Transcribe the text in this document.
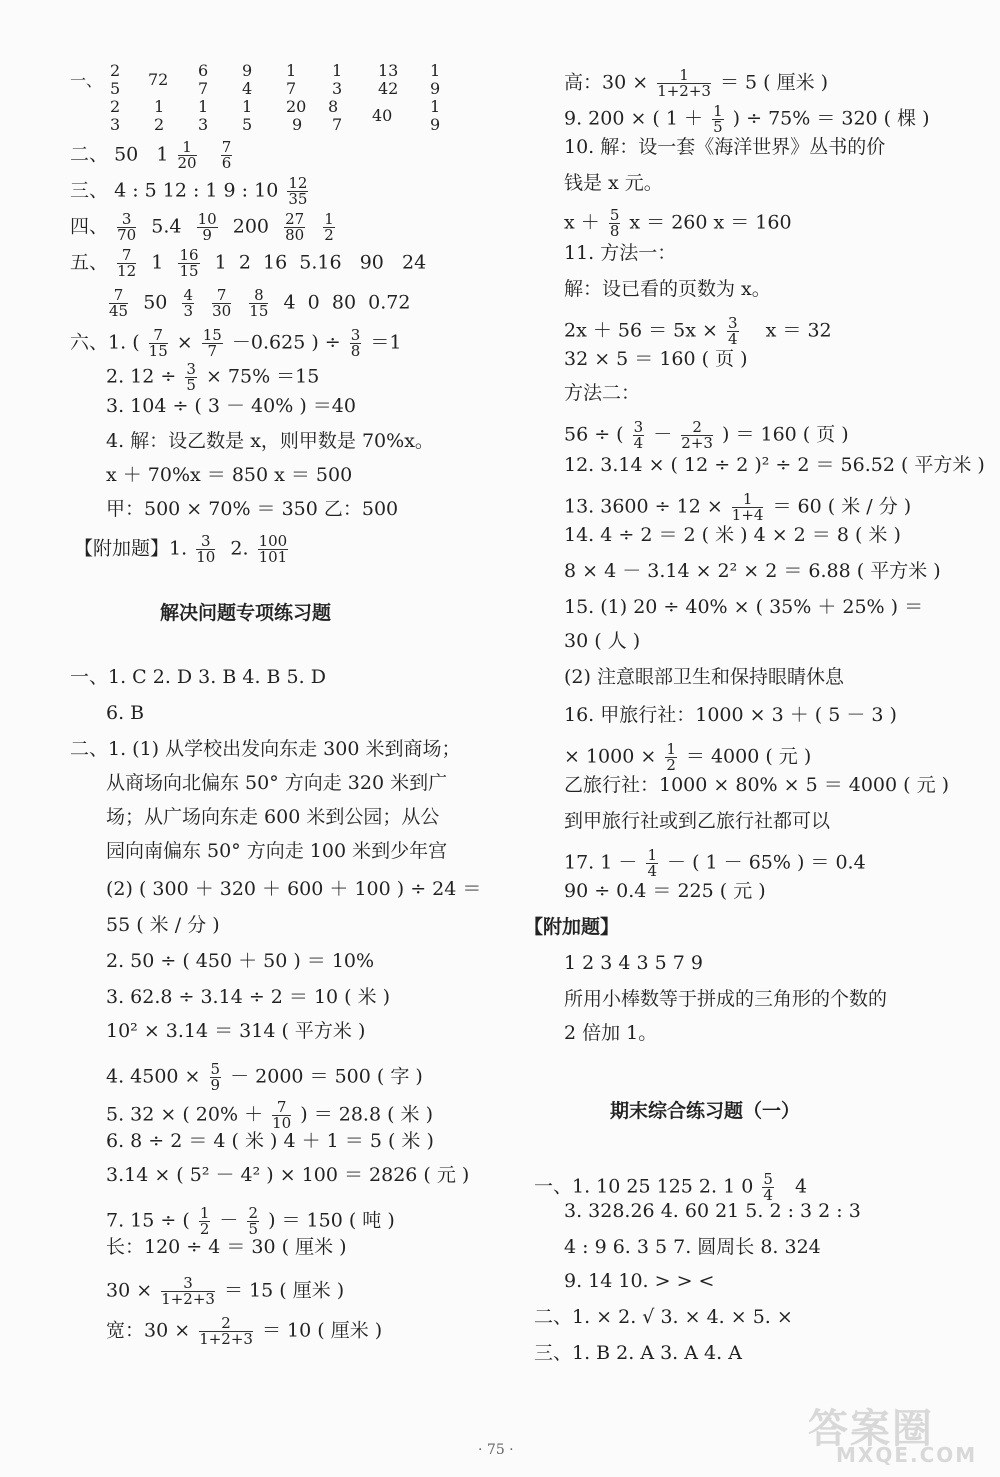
一、
2
5 72 6
7
9
4
1
7
1
3
13
42
1
9
2
3
1
2
1
3
1
5
20
9
8
7 40 1
9
二、 50 $1 \frac{1}{20}$
$\frac{7}{6}$
三、 4 : 5 12 : 1 9 : $10 \frac{12}{35}$
四、 $\frac{3}{70} 5.4 \frac{10}{9} 200 \frac{27}{80}$
$\frac{1}{2}$
五、 $\frac{7}{12} 1 \frac{16}{15} 1$ 2 16 5.16 90 24
$\frac{7}{45} 50 \frac{4}{3}$
$\frac{7}{30}$
$\frac{8}{15} 4$ 0 80 0.72
六、1. ( $\frac{7}{15} \times \frac{15}{7} -0.625$ ) ÷ $\frac{3}{8} =1$
2. $12 \div \frac{3}{5} \times 75\% =15$
3. 104 ÷ ( 3 － 40% ) ＝40
4. 解：设乙数是 x，则甲数是 70%x。
x ＋ 70%x ＝ 850 x ＝ 500
甲：500 × 70% ＝ 350 乙：500
【附加题】1. $\frac{3}{10} 2$. $\frac{100}{101}$
解决问题专项练习题
一、1. C 2. D 3. B 4. B 5. D
6. B
二、1. (1) 从学校出发向东走 300 米到商场；
从商场向北偏东 50° 方向走 320 米到广
场；从广场向东走 600 米到公园；从公
园向南偏东 50° 方向走 100 米到少年宫
(2) ( 300 ＋ 320 ＋ 600 ＋ 100 ) ÷ 24 ＝
55 ( 米 / 分 )
2. 50 ÷ ( 450 ＋ 50 ) ＝ 10%
3. 62.8 ÷ 3.14 ÷ 2 ＝ 10 ( 米 )
10² × 3.14 ＝ 314 ( 平方米 )
4. $4500 \times \frac{5}{9} - 2000 = 500$ ( 字 )
5. 32 × ( $20\% + \frac{7}{10}$ ) ＝ 28.8 ( 米 )
6. 8 ÷ 2 ＝ 4 ( 米 ) 4 ＋ 1 ＝ 5 ( 米 )
3.14 × ( 5² － 4² ) × 100 ＝ 2826 ( 元 )
7. 15 ÷ ( $\frac{1}{2} - \frac{2}{5}$ ) ＝ 150 ( 吨 )
长：120 ÷ 4 ＝ 30 ( 厘米 )
$30 \times \frac{3}{1+2+3} = 15$ ( 厘米 )
宽：$30 \times \frac{2}{1+2+3} = 10$ ( 厘米 )
高：$30 \times \frac{1}{1+2+3} = 5$ ( 厘米 )
9. 200 × ( $1 + \frac{1}{5}$ ) ÷ 75% ＝ 320 ( 棵 )
10. 解：设一套《海洋世界》丛书的价
钱是 x 元。
$x + \frac{5}{8}$ x ＝ 260 x ＝ 160
11. 方法一：
解：设已看的页数为 x。
$2x + 56 = 5x \times \frac{3}{4}$ x ＝ 32
32 × 5 ＝ 160 ( 页 )
方法二：
56 ÷ ( $\frac{3}{4} - \frac{2}{2+3}$ ) ＝ 160 ( 页 )
12. 3.14 × ( 12 ÷ 2 )² ÷ 2 ＝ 56.52 ( 平方米 )
13. $3600 \div 12 \times \frac{1}{1+4} = 60$ ( 米 / 分 )
14. 4 ÷ 2 ＝ 2 ( 米 ) 4 × 2 ＝ 8 ( 米 )
8 × 4 － 3.14 × 2² × 2 ＝ 6.88 ( 平方米 )
15. (1) 20 ÷ 40% × ( 35% ＋ 25% ) ＝
30 ( 人 )
(2) 注意眼部卫生和保持眼睛休息
16. 甲旅行社：1000 × 3 ＋ ( 5 － 3 )
× $1000 \times \frac{1}{2} = 4000$ ( 元 )
乙旅行社：1000 × 80% × 5 ＝ 4000 ( 元 )
到甲旅行社或到乙旅行社都可以
17. $1 - \frac{1}{4}$ － ( 1 － 65% ) ＝ 0.4
90 ÷ 0.4 ＝ 225 ( 元 )
【附加题】
1 2 3 4 3 5 7 9
所用小棒数等于拼成的三角形的个数的
2 倍加 1。
期末综合练习题（一）
一、1. 10 25 125 2. 1 $0 \frac{5}{4} 4$
3. 328.26 4. 60 21 5. 2 : 3 2 : 3
4 : 9 6. 3 5 7. 圆周长 8. 324
9. 14 10. > > <
二、1. × 2. √ 3. × 4. × 5. ×
三、1. B 2. A 3. A 4. A
· 75 ·	答案圈
MXQE.COM
